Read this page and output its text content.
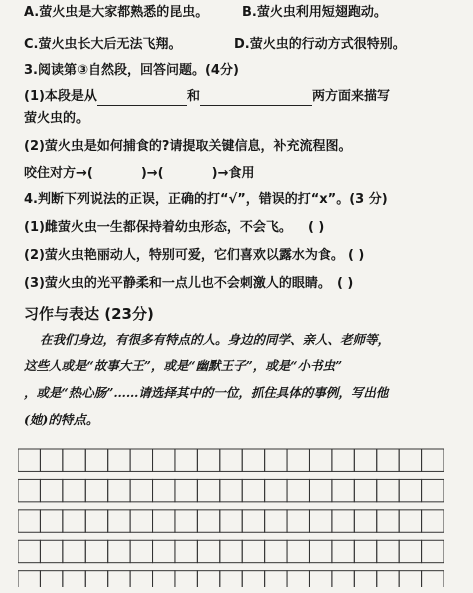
A.萤火虫是大家都熟悉的昆虫。	B.萤火虫利用短翅跑动。
C.萤火虫长大后无法飞翔。	D.萤火虫的行动方式很特别。
3.阅读第③自然段，回答问题。(4分)
(1)本段是从	和	两方面来描写
萤火虫的。
(2)萤火虫是如何捕食的?请提取关键信息，补充流程图。
咬住对方→(	)→(	)→食用
4.判断下列说法的正误，正确的打“√”，错误的打“x”。(3 分)
(1)雌萤火虫一生都保持着幼虫形态，不会飞。 ( )
(2)萤火虫艳丽动人，特别可爱，它们喜欢以露水为食。 ( )
(3)萤火虫的光平静柔和一点儿也不会刺激人的眼睛。 ( )
习作与表达 (23分)
在我们身边，有很多有特点的人。身边的同学、亲人、老师等，
这些人或是“故事大王”，或是“幽默王子”，或是“小书虫”
，或是“热心肠”……请选择其中的一位，抓住具体的事例，写出他
(她)的特点。
